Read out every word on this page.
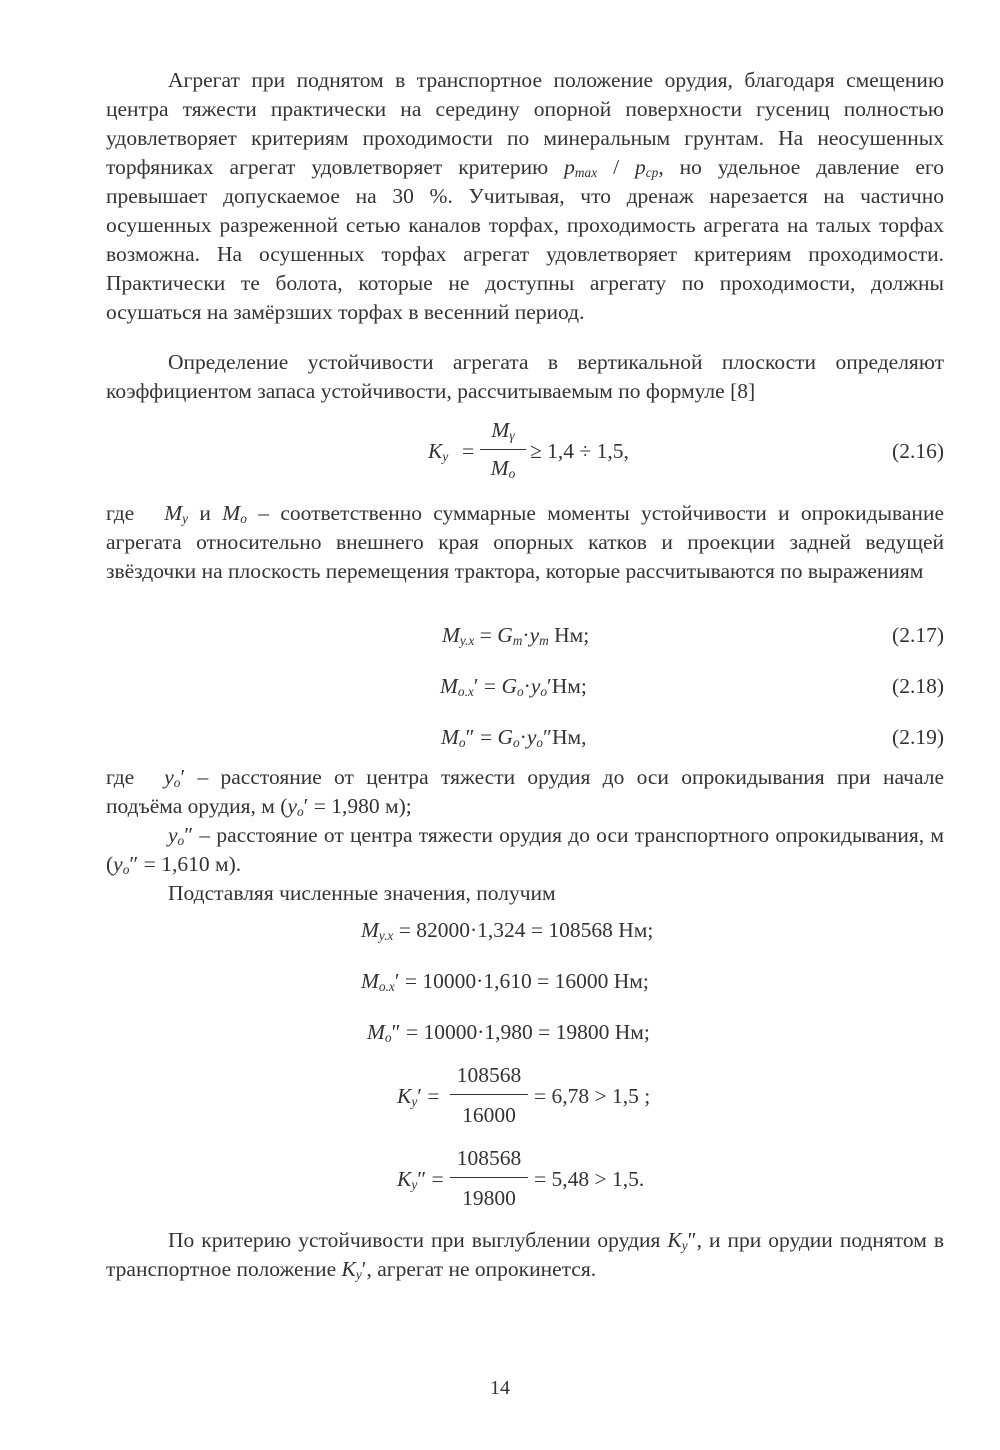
Агрегат при поднятом в транспортное положение орудия, благодаря смещению центра тяжести практически на середину опорной поверхности гусениц полностью удовлетворяет критериям проходимости по минеральным грунтам. На неосушенных торфяниках агрегат удовлетворяет критерию $p_{max} / p_{cp}$, но удельное давление его превышает допускаемое на 30 %. Учитывая, что дренаж нарезается на частично осушенных разреженной сетью каналов торфах, проходимость агрегата на талых торфах возможна. На осушенных торфах агрегат удовлетворяет критериям проходимости. Практически те болота, которые не доступны агрегату по проходимости, должны осушаться на замёрзших торфах в весенний период.

Определение устойчивости агрегата в вертикальной плоскости определяют коэффициентом запаса устойчивости, рассчитываемым по формуле [8]

$K_y$ =
$M_\gamma$
$M_o$
≥ 1,4 ÷ 1,5,	(2.16)

где $M_y$ и $M_o$ – соответственно суммарные моменты устойчивости и опрокидывание агрегата относительно внешнего края опорных катков и проекции задней ведущей звёздочки на плоскость перемещения трактора, которые рассчитываются по выражениям

$M_{y.x} = G_m\cdot y_m$ Нм;	(2.17)
$M_{o.x}' = G_o\cdot y_o'Нм$;	(2.18)
$M_o'' = G_o\cdot y_o''Нм$,	(2.19)

где $y_o'$ – расстояние от центра тяжести орудия до оси опрокидывания при начале подъёма орудия, м ($y_o' = 1,980$ м);

$y_o''$ – расстояние от центра тяжести орудия до оси транспортного опрокидывания, м ($y_o'' = 1,610$ м).

Подставляя численные значения, получим

$M_{y.x} = 82000\cdot 1,324 = 108568$ Нм;
$M_{o.x}' = 10000\cdot 1,610 = 16000$ Нм;
$M_o'' = 10000\cdot 1,980 = 19800$ Нм;
$K_y'$ =
108568
16000
= 6,78 > 1,5 ;
$K_y''$ =
108568
19800
= 5,48 > 1,5.

По критерию устойчивости при выглублении орудия $K_y''$, и при орудии поднятом в транспортное положение $K_y'$, агрегат не опрокинется.

14
